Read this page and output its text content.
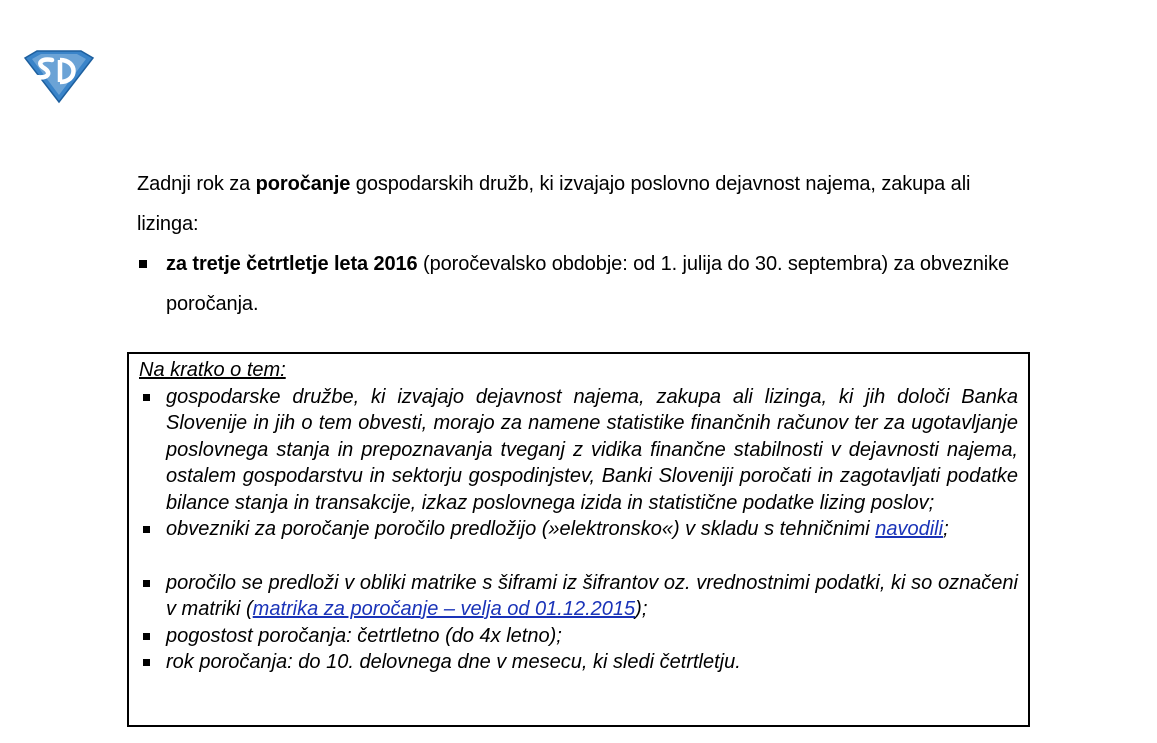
Zadnji rok za poročanje gospodarskih družb, ki izvajajo poslovno dejavnost najema, zakupa ali lizinga:

za tretje četrtletje leta 2016 (poročevalsko obdobje: od 1. julija do 30. septembra) za obveznike poročanja.
Na kratko o tem:
gospodarske družbe, ki izvajajo dejavnost najema, zakupa ali lizinga, ki jih določi Banka Slovenije in jih o tem obvesti, morajo za namene statistike finančnih računov ter za ugotavljanje poslovnega stanja in prepoznavanja tveganj z vidika finančne stabilnosti v dejavnosti najema, ostalem gospodarstvu in sektorju gospodinjstev, Banki Sloveniji poročati in zagotavljati podatke bilance stanja in transakcije, izkaz poslovnega izida in statistične podatke lizing poslov;
obvezniki za poročanje poročilo predložijo (»elektronsko«) v skladu s tehničnimi navodili;
poročilo se predloži v obliki matrike s šiframi iz šifrantov oz. vrednostnimi podatki, ki so označeni v matriki (matrika za poročanje – velja od 01.12.2015);
pogostost poročanja: četrtletno (do 4x letno);
rok poročanja: do 10. delovnega dne v mesecu, ki sledi četrtletju.
